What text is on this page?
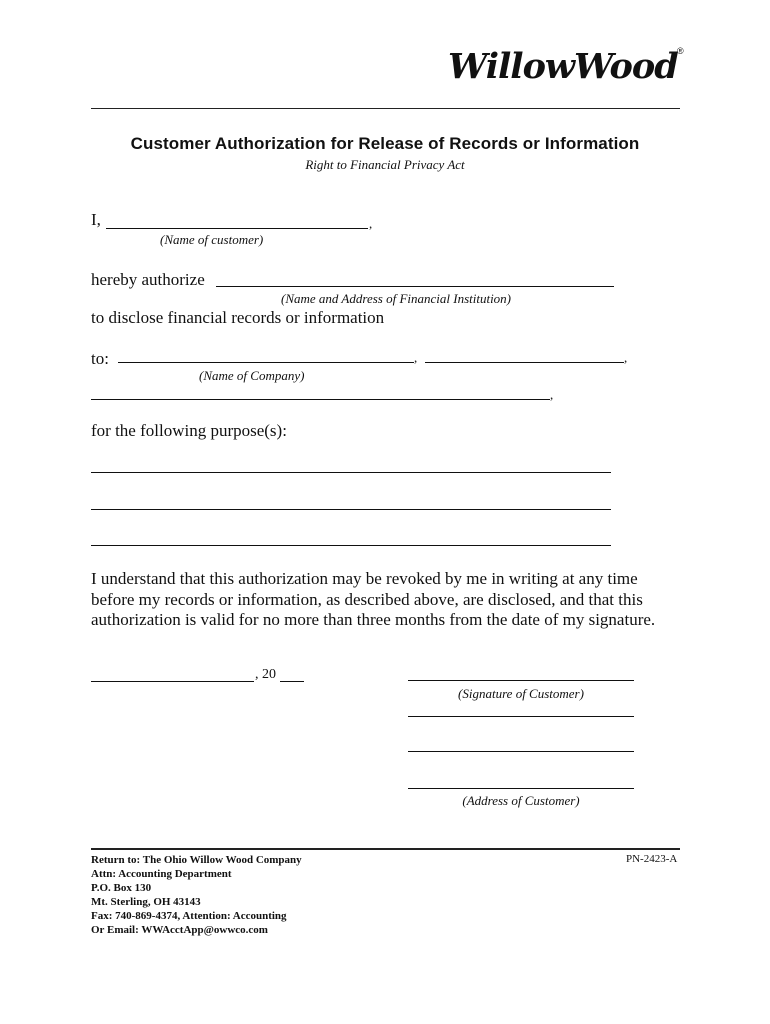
WillowWood ®
Customer Authorization for Release of Records or Information
Right to Financial Privacy Act
I,	,
(Name of customer)
hereby authorize
(Name and Address of Financial Institution)
to disclose financial records or information
to:	,	,
(Name of Company)
,
for the following purpose(s):
I understand that this authorization may be revoked by me in writing at any time
before my records or information, as described above, are disclosed, and that this
authorization is valid for no more than three months from the date of my signature.
, 20
(Signature of Customer)
(Address of Customer)
Return to: The Ohio Willow Wood Company
Attn: Accounting Department
P.O. Box 130
Mt. Sterling, OH 43143
Fax: 740-869-4374, Attention: Accounting
Or Email: WWAcctApp@owwco.com
PN-2423-A
